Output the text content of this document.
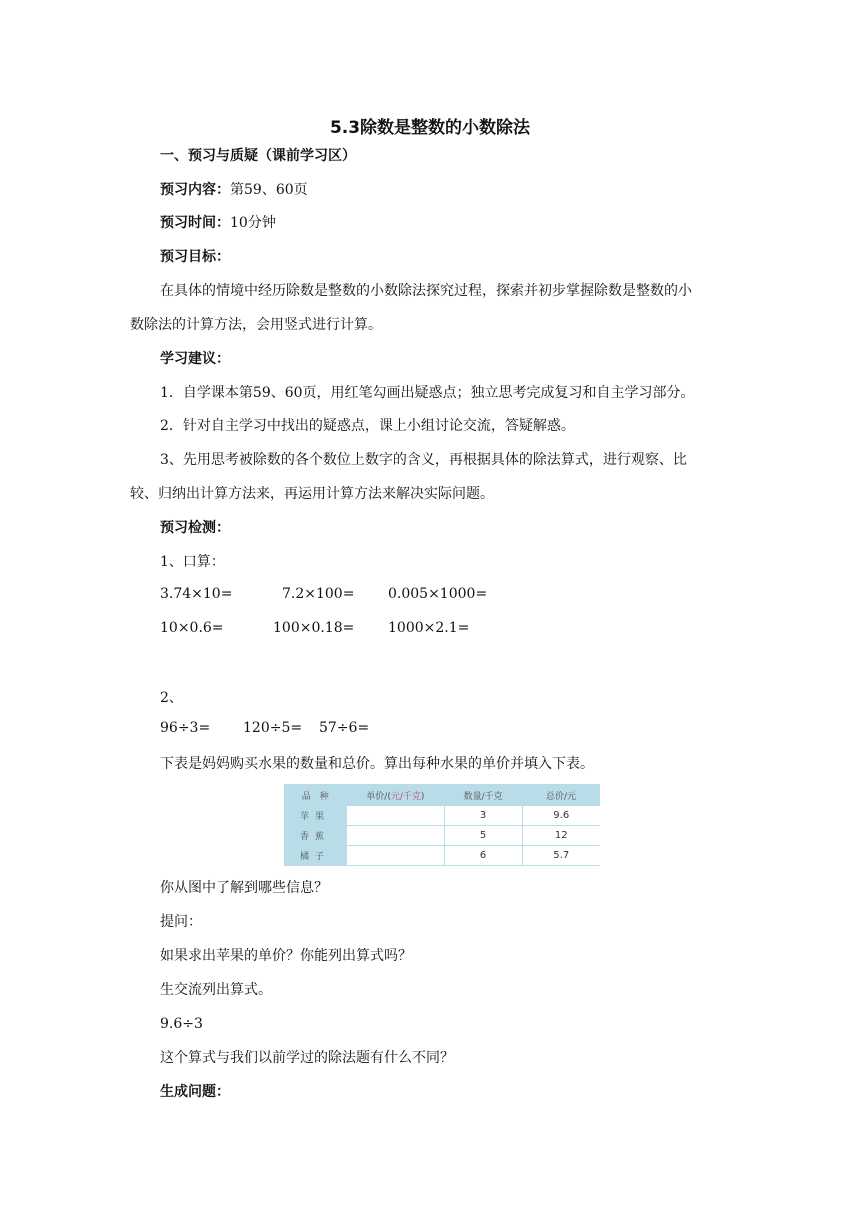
5.3除数是整数的小数除法
一、预习与质疑（课前学习区）
预习内容：第59、60页
预习时间：10分钟
预习目标：
在具体的情境中经历除数是整数的小数除法探究过程，探索并初步掌握除数是整数的小
数除法的计算方法，会用竖式进行计算。
学习建议：
1．自学课本第59、60页，用红笔勾画出疑惑点；独立思考完成复习和自主学习部分。
2．针对自主学习中找出的疑惑点，课上小组讨论交流，答疑解惑。
3、先用思考被除数的各个数位上数字的含义，再根据具体的除法算式，进行观察、比
较、归纳出计算方法来，再运用计算方法来解决实际问题。
预习检测：
1、口算：
3.74×10=	7.2×100= 0.005×1000=
10×0.6=	100×0.18= 1000×2.1=
2、
96÷3= 120÷5= 57÷6=
下表是妈妈购买水果的数量和总价。算出每种水果的单价并填入下表。
品　种	单价/(元/千克)	数量/千克	总价/元
苹果		3	9.6
香蕉		5	12
橘子		6	5.7
你从图中了解到哪些信息？
提问：
如果求出苹果的单价？你能列出算式吗？
生交流列出算式。
9.6÷3
这个算式与我们以前学过的除法题有什么不同？
生成问题：
